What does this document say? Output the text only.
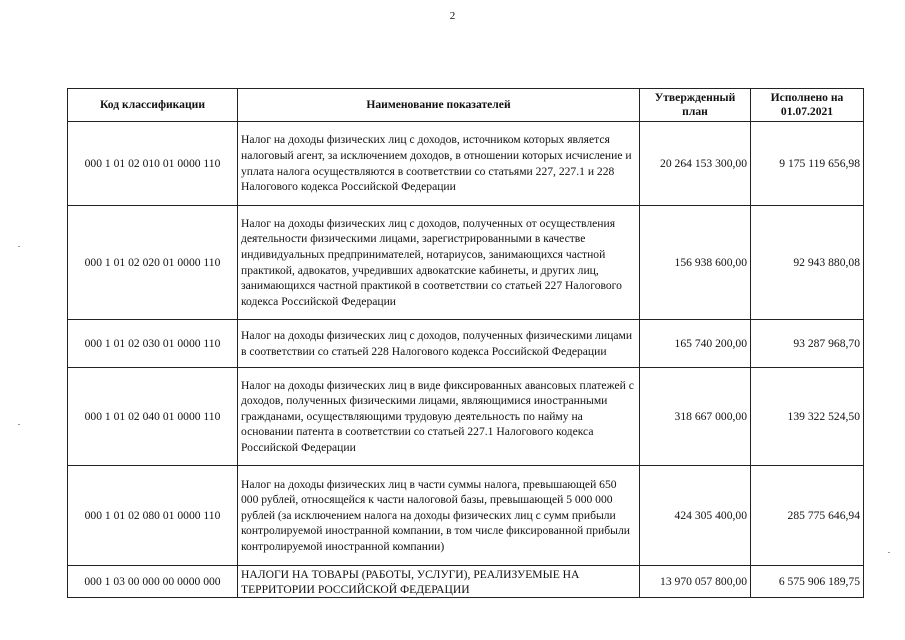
2
Код классификации	Наименование показателей	Утвержденный план	Исполнено на 01.07.2021
000 1 01 02 010 01 0000 110	Налог на доходы физических лиц с доходов, источником которых является налоговый агент, за исключением доходов, в отношении которых исчисление и уплата налога осуществляются в соответствии со статьями 227, 227.1 и 228 Налогового кодекса Российской Федерации	20 264 153 300,00	9 175 119 656,98
000 1 01 02 020 01 0000 110	Налог на доходы физических лиц с доходов, полученных от осуществления деятельности физическими лицами, зарегистрированными в качестве индивидуальных предпринимателей, нотариусов, занимающихся частной практикой, адвокатов, учредивших адвокатские кабинеты, и других лиц, занимающихся частной практикой в соответствии со статьей 227 Налогового кодекса Российской Федерации	156 938 600,00	92 943 880,08
000 1 01 02 030 01 0000 110	Налог на доходы физических лиц с доходов, полученных физическими лицами в соответствии со статьей 228 Налогового кодекса Российской Федерации	165 740 200,00	93 287 968,70
000 1 01 02 040 01 0000 110	Налог на доходы физических лиц в виде фиксированных авансовых платежей с доходов, полученных физическими лицами, являющимися иностранными гражданами, осуществляющими трудовую деятельность по найму на основании патента в соответствии со статьей 227.1 Налогового кодекса Российской Федерации	318 667 000,00	139 322 524,50
000 1 01 02 080 01 0000 110	Налог на доходы физических лиц в части суммы налога, превышающей 650 000 рублей, относящейся к части налоговой базы, превышающей 5 000 000 рублей (за исключением налога на доходы физических лиц с сумм прибыли контролируемой иностранной компании, в том числе фиксированной прибыли контролируемой иностранной компании)	424 305 400,00	285 775 646,94
000 1 03 00 000 00 0000 000	НАЛОГИ НА ТОВАРЫ (РАБОТЫ, УСЛУГИ), РЕАЛИЗУЕМЫЕ НА ТЕРРИТОРИИ РОССИЙСКОЙ ФЕДЕРАЦИИ	13 970 057 800,00	6 575 906 189,75
